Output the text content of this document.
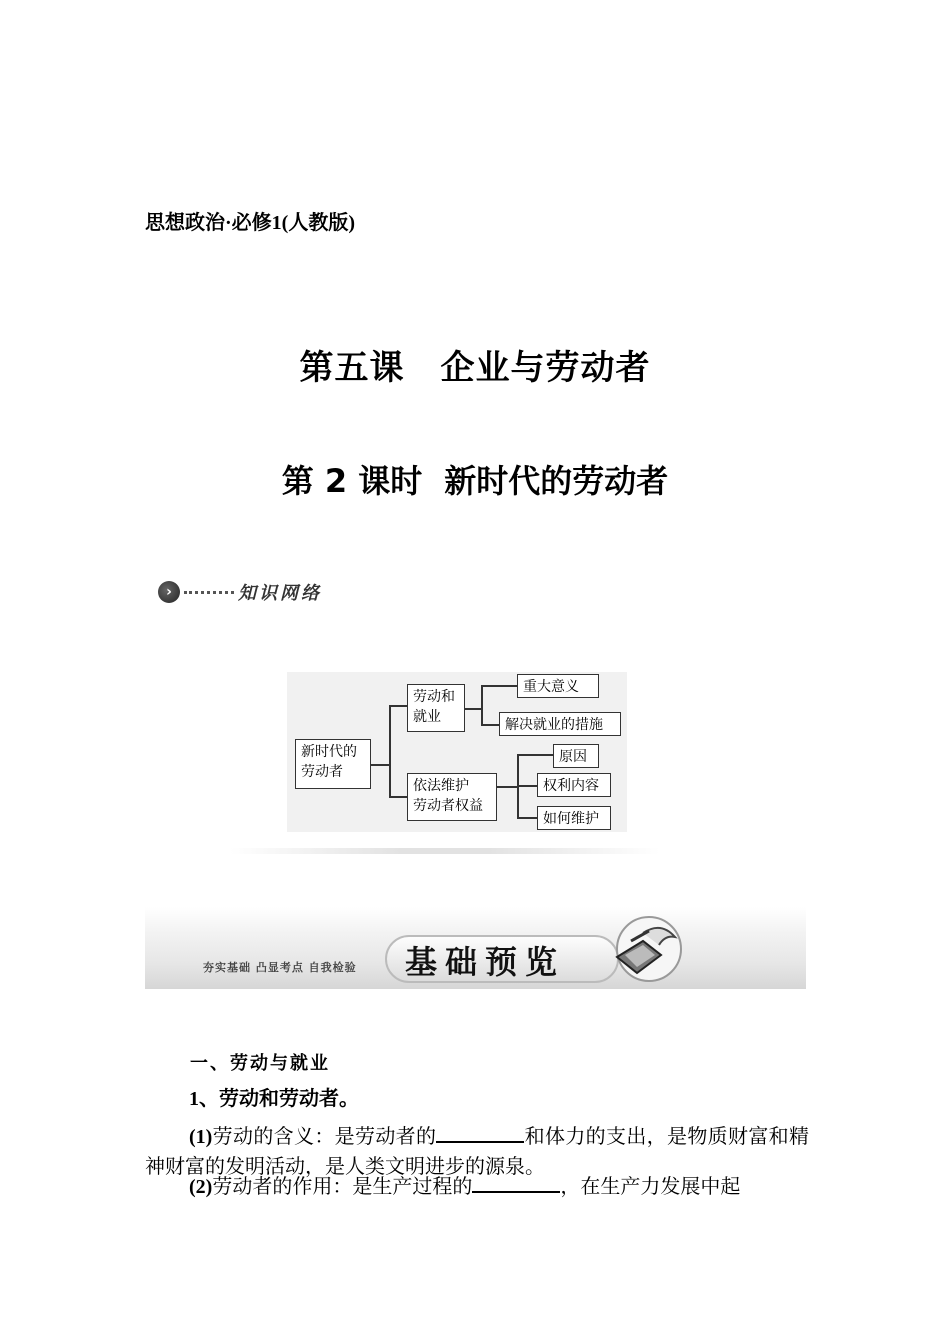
思想政治·必修1(人教版)
第五课 企业与劳动者
第 2 课时 新时代的劳动者
›	知识网络
新时代的
劳动者
劳动和
就业
重大意义
解决就业的措施
依法维护
劳动者权益
原因
权利内容
如何维护
夯实基础 凸显考点 自我检验 基础预览
一、劳动与就业
1、劳动和劳动者。
(1)劳动的含义：是劳动者的	和体力的支出，是物质财富和精神财富的发明活动，是人类文明进步的源泉。
(2)劳动者的作用：是生产过程的	，在生产力发展中起
